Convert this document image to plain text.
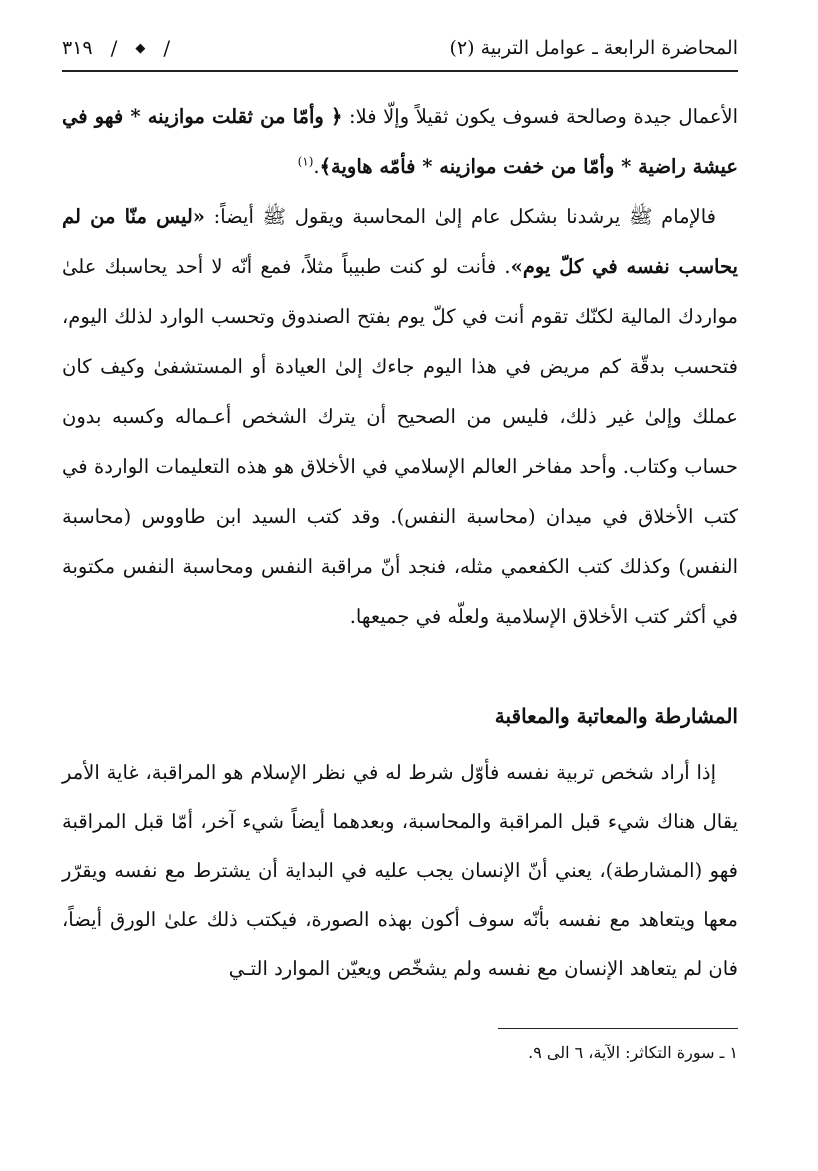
المحاضرة الرابعة ـ عوامل التربية (٢)
/
◆
/
٣١٩

الأعمال جيدة وصالحة فسوف يكون ثقيلاً وإلّا فلا: ﴿ وأمّا من ثقلت موازينه * فهو في عيشة راضية * وأمّا من خفت موازينه * فأمّه هاوية﴾.$^{(١)}$

فالإمام ﷺ يرشدنا بشكل عام إلىٰ المحاسبة ويقول ﷺ أيضاً: «ليس منّا من لم يحاسب نفسه في كلّ يوم». فأنت لو كنت طبيباً مثلاً، فمع أنّه لا أحد يحاسبك علىٰ مواردك المالية لكنّك تقوم أنت في كلّ يوم بفتح الصندوق وتحسب الوارد لذلك اليوم، فتحسب بدقّة كم مريض في هذا اليوم جاءك إلىٰ العيادة أو المستشفىٰ وكيف كان عملك وإلىٰ غير ذلك، فليس من الصحيح أن يترك الشخص أعـماله وكسبه بدون حساب وكتاب. وأحد مفاخر العالم الإسلامي في الأخلاق هو هذه التعليمات الواردة في كتب الأخلاق في ميدان (محاسبة النفس). وقد كتب السيد ابن طاووس (محاسبة النفس) وكذلك كتب الكفعمي مثله، فنجد أنّ مراقبة النفس ومحاسبة النفس مكتوبة في أكثر كتب الأخلاق الإسلامية ولعلّه في جميعها.

المشارطة والمعاتبة والمعاقبة

إذا أراد شخص تربية نفسه فأوّل شرط له في نظر الإسلام هو المراقبة، غاية الأمر يقال هناك شيء قبل المراقبة والمحاسبة، وبعدهما أيضاً شيء آخر، أمّا قبل المراقبة فهو (المشارطة)، يعني أنّ الإنسان يجب عليه في البداية أن يشترط مع نفسه ويقرّر معها ويتعاهد مع نفسه بأنّه سوف أكون بهذه الصورة، فيكتب ذلك علىٰ الورق أيضاً، فان لم يتعاهد الإنسان مع نفسه ولم يشخّص ويعيّن الموارد التـي

١ ـ سورة التكاثر: الآية، ٦ الى ٩.
